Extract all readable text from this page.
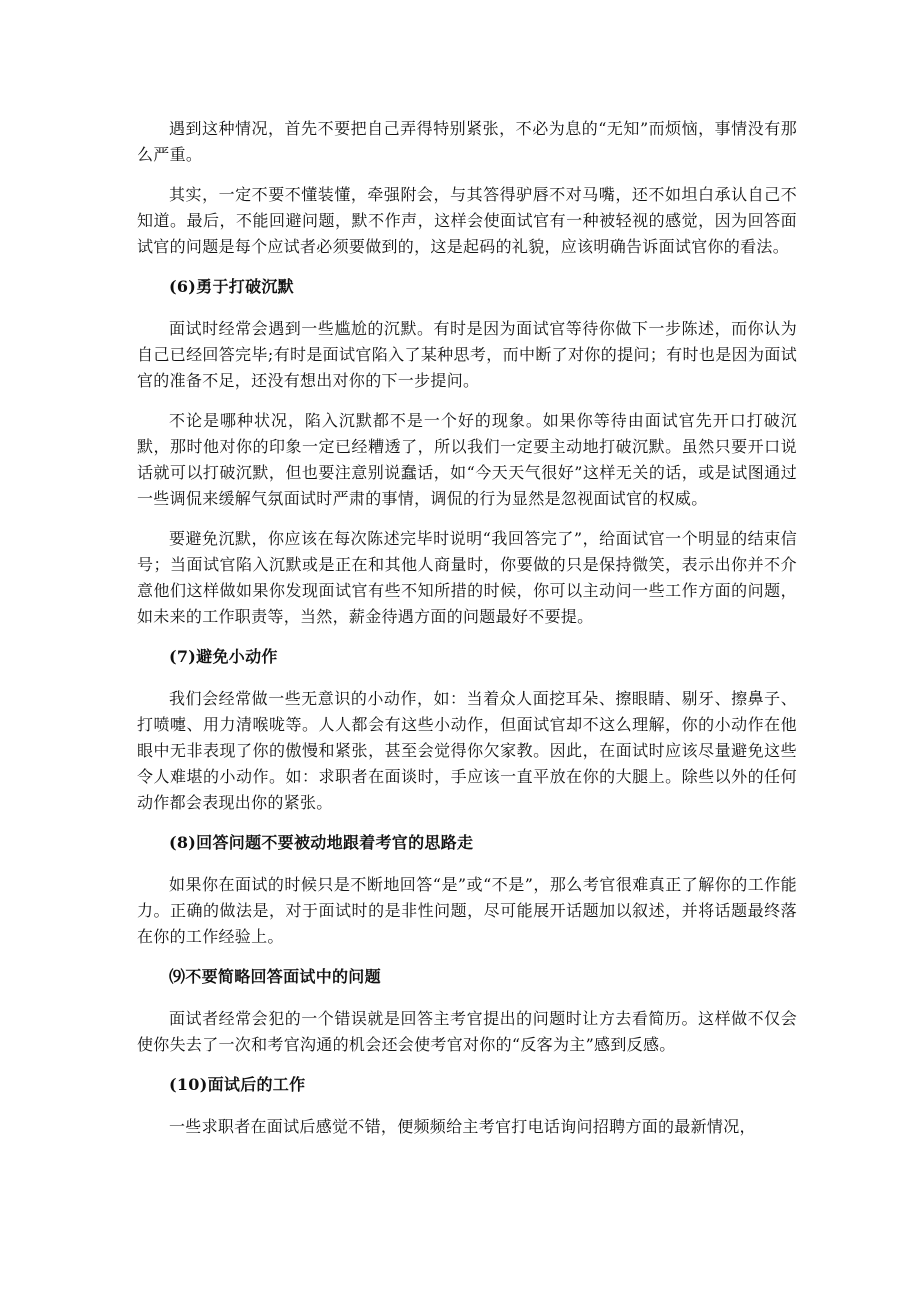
遇到这种情况，首先不要把自己弄得特别紧张，不必为息的“无知”而烦恼，事情没有那么严重。

其实，一定不要不懂装懂，牵强附会，与其答得驴唇不对马嘴，还不如坦白承认自己不知道。最后，不能回避问题，默不作声，这样会使面试官有一种被轻视的感觉，因为回答面试官的问题是每个应试者必须要做到的，这是起码的礼貌，应该明确告诉面试官你的看法。

(6)勇于打破沉默

面试时经常会遇到一些尴尬的沉默。有时是因为面试官等待你做下一步陈述，而你认为自己已经回答完毕;有时是面试官陷入了某种思考，而中断了对你的提问；有时也是因为面试官的准备不足，还没有想出对你的下一步提问。

不论是哪种状况，陷入沉默都不是一个好的现象。如果你等待由面试官先开口打破沉默，那时他对你的印象一定已经糟透了，所以我们一定要主动地打破沉默。虽然只要开口说话就可以打破沉默，但也要注意别说蠢话，如“今天天气很好”这样无关的话，或是试图通过一些调侃来缓解气氛面试时严肃的事情，调侃的行为显然是忽视面试官的权威。

要避免沉默，你应该在每次陈述完毕时说明“我回答完了”，给面试官一个明显的结束信号；当面试官陷入沉默或是正在和其他人商量时，你要做的只是保持微笑，表示出你并不介意他们这样做如果你发现面试官有些不知所措的时候，你可以主动问一些工作方面的问题，如未来的工作职责等，当然，薪金待遇方面的问题最好不要提。

(7)避免小动作

我们会经常做一些无意识的小动作，如：当着众人面挖耳朵、擦眼睛、剔牙、擦鼻子、打喷嚏、用力清喉咙等。人人都会有这些小动作，但面试官却不这么理解，你的小动作在他眼中无非表现了你的傲慢和紧张，甚至会觉得你欠家教。因此，在面试时应该尽量避免这些令人难堪的小动作。如：求职者在面谈时，手应该一直平放在你的大腿上。除些以外的任何动作都会表现出你的紧张。

(8)回答问题不要被动地跟着考官的思路走

如果你在面试的时候只是不断地回答“是”或“不是”，那么考官很难真正了解你的工作能力。正确的做法是，对于面试时的是非性问题，尽可能展开话题加以叙述，并将话题最终落在你的工作经验上。

⑼不要简略回答面试中的问题

面试者经常会犯的一个错误就是回答主考官提出的问题时让方去看简历。这样做不仅会使你失去了一次和考官沟通的机会还会使考官对你的“反客为主”感到反感。

(10)面试后的工作

一些求职者在面试后感觉不错，便频频给主考官打电话询问招聘方面的最新情况，
